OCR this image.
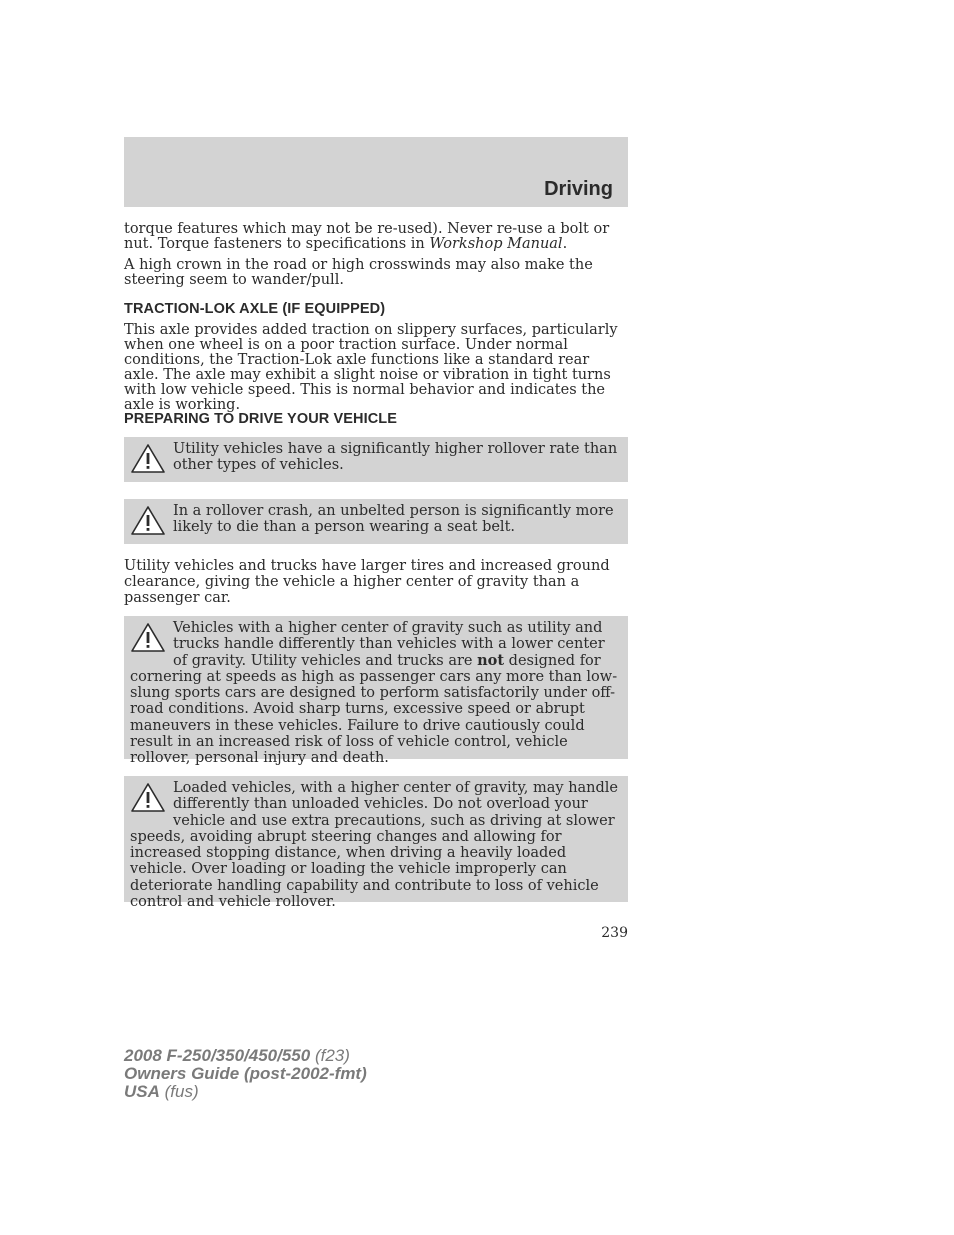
Driving

torque features which may not be re-used). Never re-use a bolt or nut. Torque fasteners to specifications in Workshop Manual.

A high crown in the road or high crosswinds may also make the steering seem to wander/pull.

TRACTION-LOK AXLE (IF EQUIPPED)

This axle provides added traction on slippery surfaces, particularly when one wheel is on a poor traction surface. Under normal conditions, the Traction-Lok axle functions like a standard rear axle. The axle may exhibit a slight noise or vibration in tight turns with low vehicle speed. This is normal behavior and indicates the axle is working.

PREPARING TO DRIVE YOUR VEHICLE

Utility vehicles have a significantly higher rollover rate than other types of vehicles.

In a rollover crash, an unbelted person is significantly more likely to die than a person wearing a seat belt.

Utility vehicles and trucks have larger tires and increased ground clearance, giving the vehicle a higher center of gravity than a passenger car.

Vehicles with a higher center of gravity such as utility and trucks handle differently than vehicles with a lower center of gravity. Utility vehicles and trucks are not designed for cornering at speeds as high as passenger cars any more than low-slung sports cars are designed to perform satisfactorily under off-road conditions. Avoid sharp turns, excessive speed or abrupt maneuvers in these vehicles. Failure to drive cautiously could result in an increased risk of loss of vehicle control, vehicle rollover, personal injury and death.

Loaded vehicles, with a higher center of gravity, may handle differently than unloaded vehicles. Do not overload your vehicle and use extra precautions, such as driving at slower speeds, avoiding abrupt steering changes and allowing for increased stopping distance, when driving a heavily loaded vehicle. Over loading or loading the vehicle improperly can deteriorate handling capability and contribute to loss of vehicle control and vehicle rollover.

239
2008 F-250/350/450/550 (f23)
Owners Guide (post-2002-fmt)
USA (fus)
